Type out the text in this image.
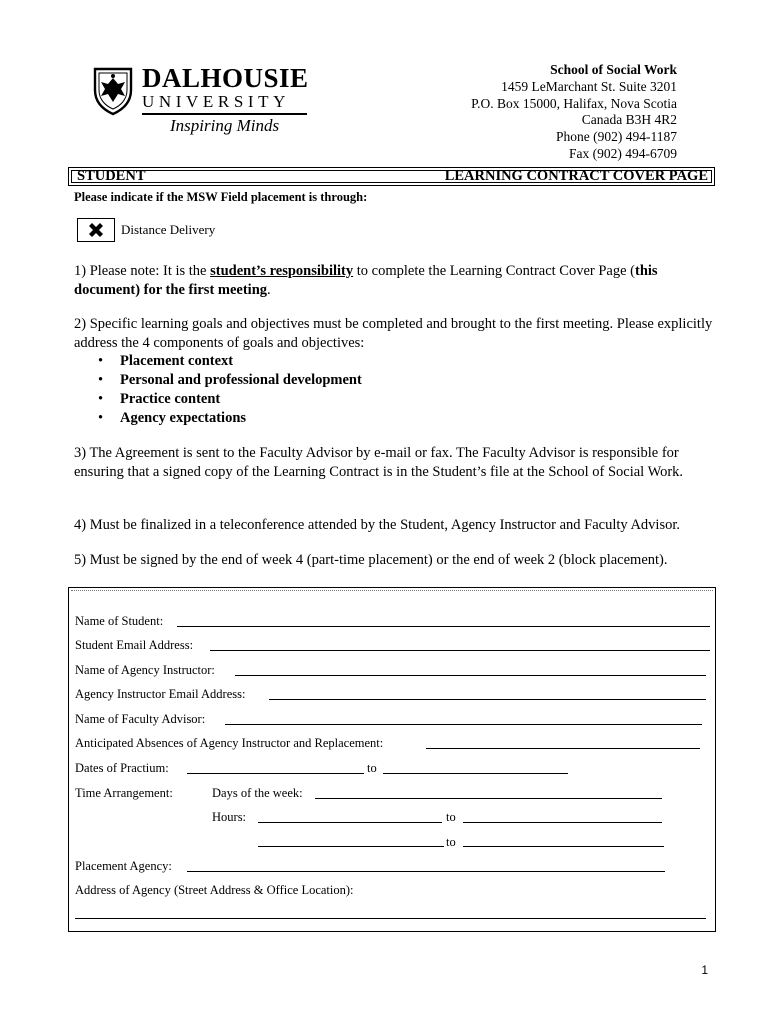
DALHOUSIE
UNIVERSITY
Inspiring Minds
School of Social Work
1459 LeMarchant St. Suite 3201
P.O. Box 15000, Halifax, Nova Scotia
Canada B3H 4R2
Phone (902) 494-1187
Fax (902) 494-6709
STUDENT	LEARNING CONTRACT COVER PAGE
Please indicate if the MSW Field placement is through:
Distance Delivery
1) Please note: It is the student’s responsibility to complete the Learning Contract Cover Page (this document) for the first meeting.
2) Specific learning goals and objectives must be completed and brought to the first meeting. Please explicitly address the 4 components of goals and objectives:
• Placement context
• Personal and professional development
• Practice content
• Agency expectations
3) The Agreement is sent to the Faculty Advisor by e-mail or fax. The Faculty Advisor is responsible for ensuring that a signed copy of the Learning Contract is in the Student’s file at the School of Social Work.
4) Must be finalized in a teleconference attended by the Student, Agency Instructor and Faculty Advisor.
5) Must be signed by the end of week 4 (part-time placement) or the end of week 2 (block placement).
Name of Student:
Student Email Address:
Name of Agency Instructor:
Agency Instructor Email Address:
Name of Faculty Advisor:
Anticipated Absences of Agency Instructor and Replacement:
Dates of Practium:	to
Time Arrangement:	Days of the week:
Hours:	to
to
Placement Agency:
Address of Agency (Street Address & Office Location):
1
